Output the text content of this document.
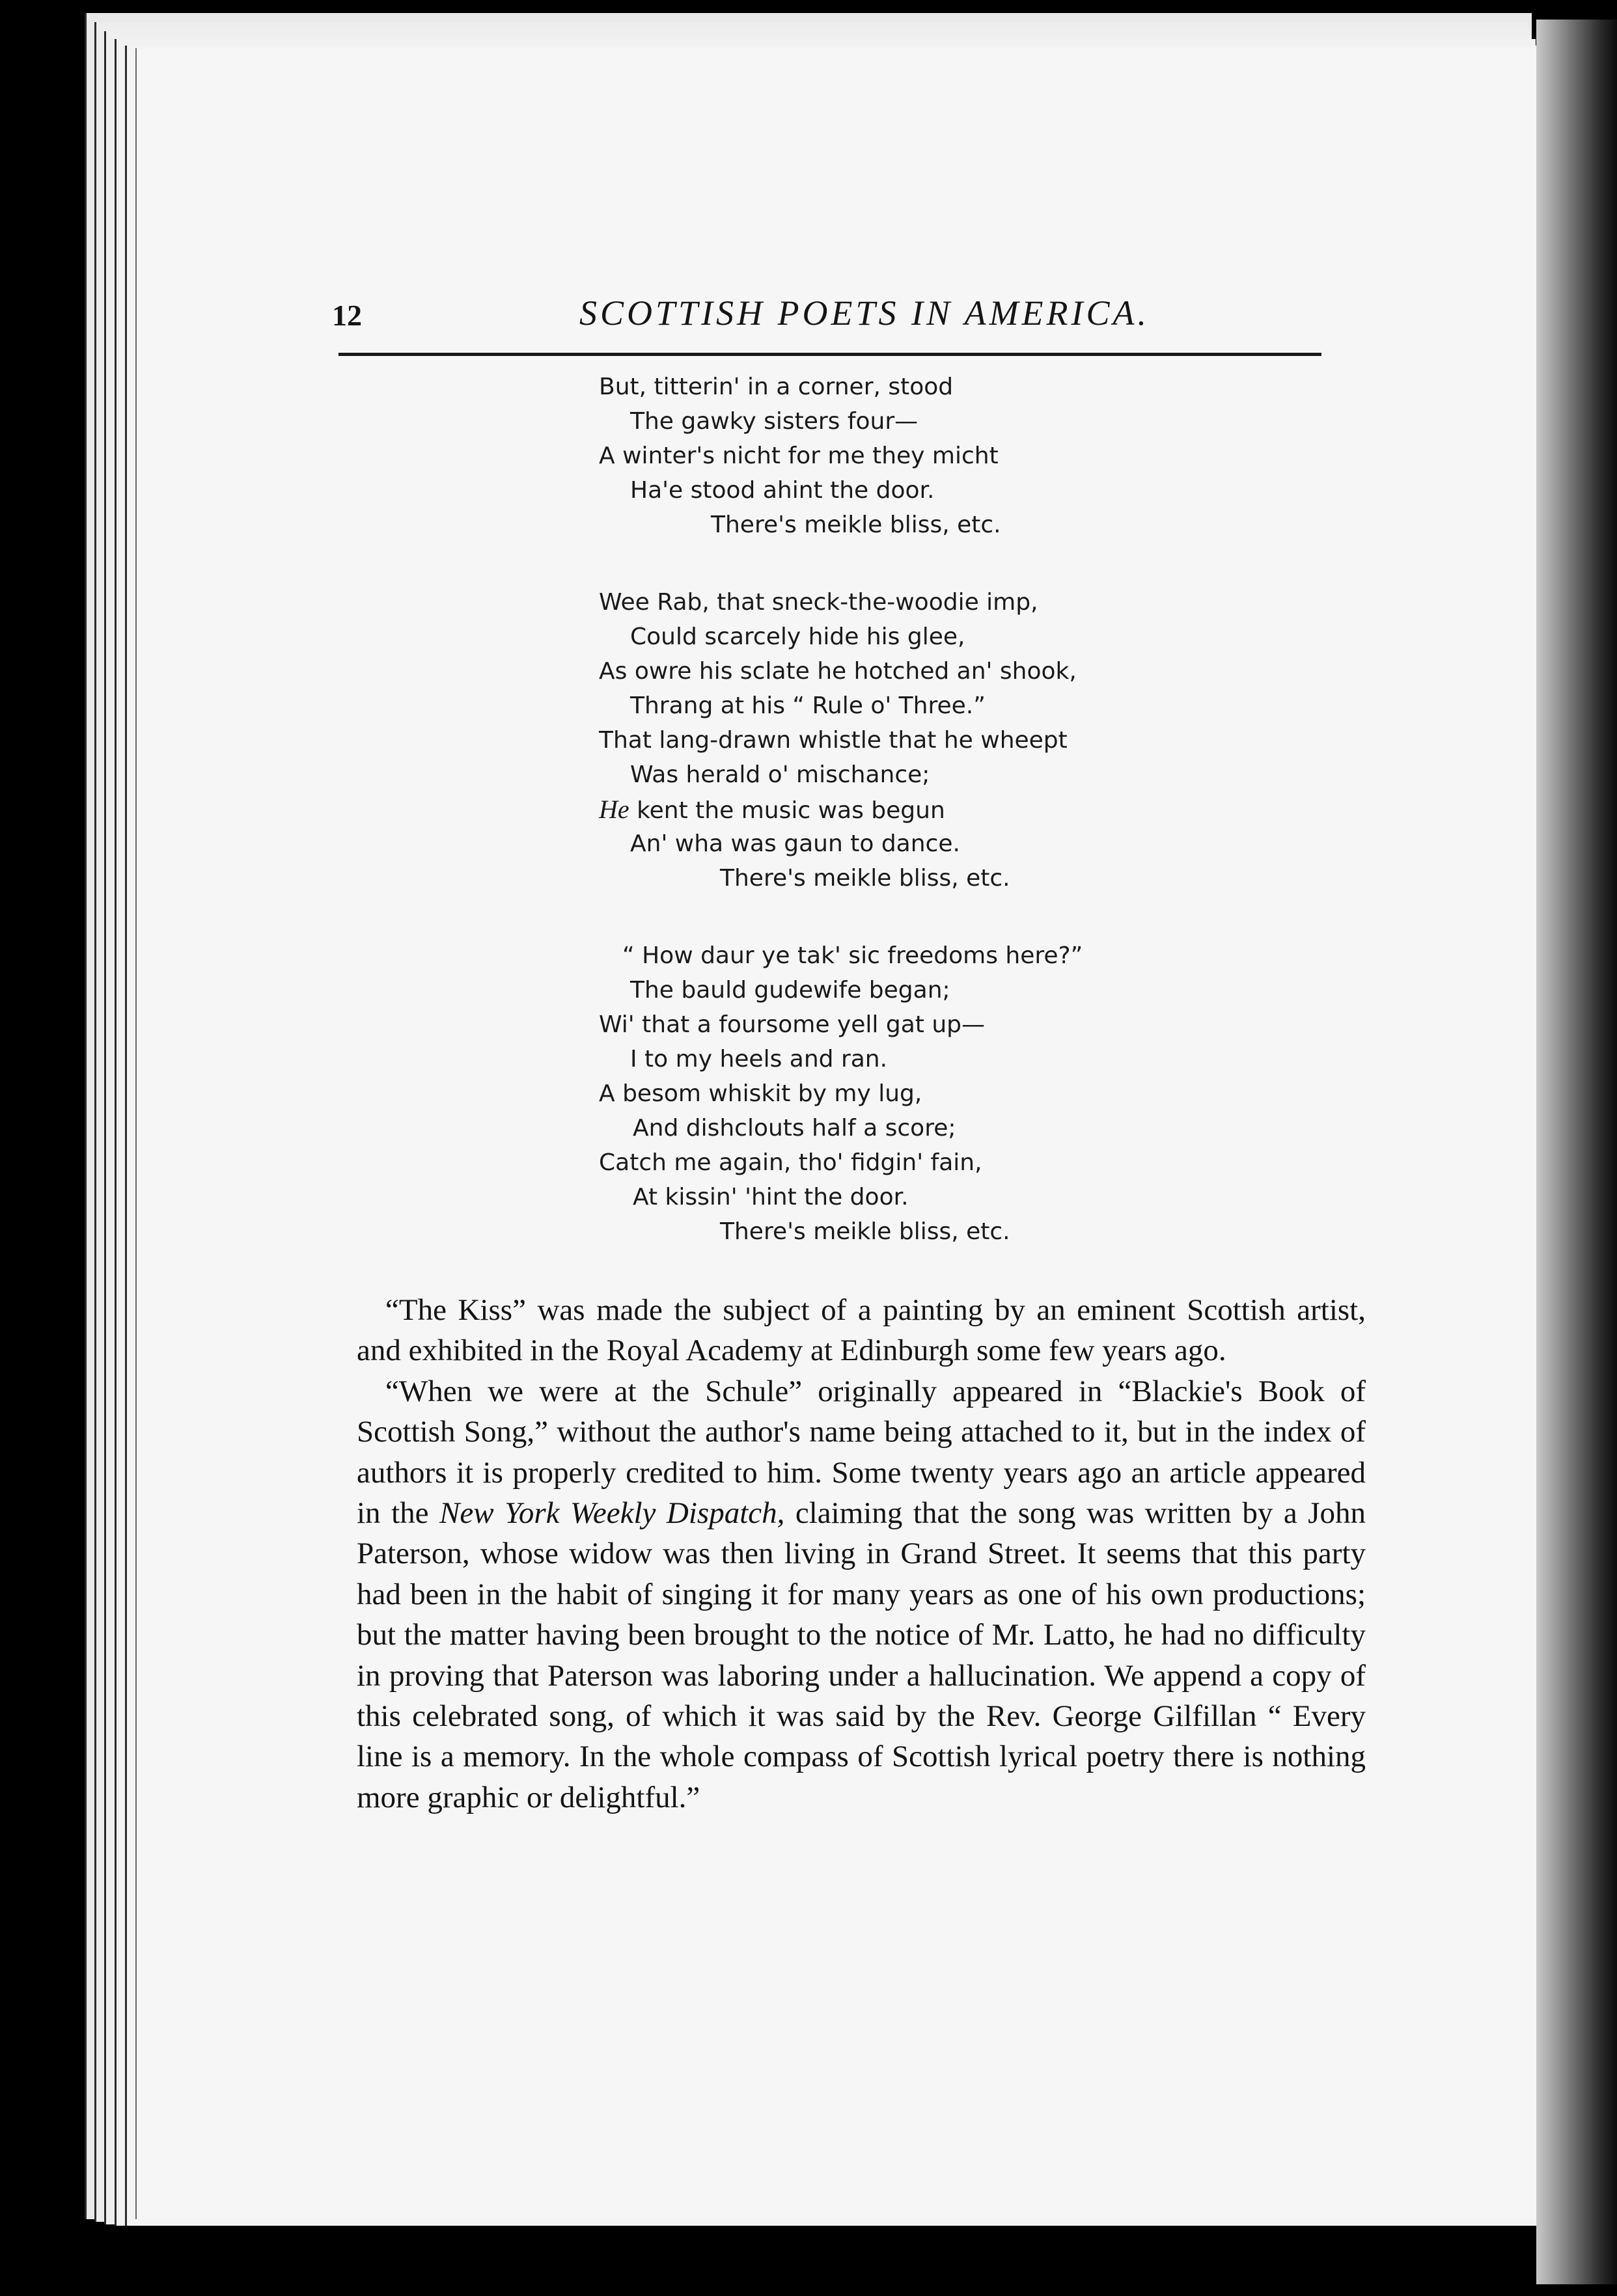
12	SCOTTISH POETS IN AMERICA.
But, titterin' in a corner, stood
The gawky sisters four—
A winter's nicht for me they micht
Ha'e stood ahint the door.
There's meikle bliss, etc.
Wee Rab, that sneck-the-woodie imp,
Could scarcely hide his glee,
As owre his sclate he hotched an' shook,
Thrang at his “ Rule o' Three.”
That lang-drawn whistle that he wheept
Was herald o' mischance;
He kent the music was begun
An' wha was gaun to dance.
There's meikle bliss, etc.
“ How daur ye tak' sic freedoms here?”
The bauld gudewife began;
Wi' that a foursome yell gat up—
I to my heels and ran.
A besom whiskit by my lug,
And dishclouts half a score;
Catch me again, tho' fidgin' fain,
At kissin' 'hint the door.
There's meikle bliss, etc.

“The Kiss” was made the subject of a painting by an eminent Scottish artist, and exhibited in the Royal Academy at Edinburgh some few years ago.

“When we were at the Schule” originally appeared in “Blackie's Book of Scottish Song,” without the author's name being attached to it, but in the index of authors it is properly credited to him. Some twenty years ago an article appeared in the New York Weekly Dispatch, claiming that the song was written by a John Paterson, whose widow was then living in Grand Street. It seems that this party had been in the habit of singing it for many years as one of his own productions; but the matter having been brought to the notice of Mr. Latto, he had no difficulty in proving that Paterson was laboring under a hallucination. We append a copy of this celebrated song, of which it was said by the Rev. George Gilfillan “ Every line is a memory. In the whole compass of Scottish lyrical poetry there is nothing more graphic or delightful.”
